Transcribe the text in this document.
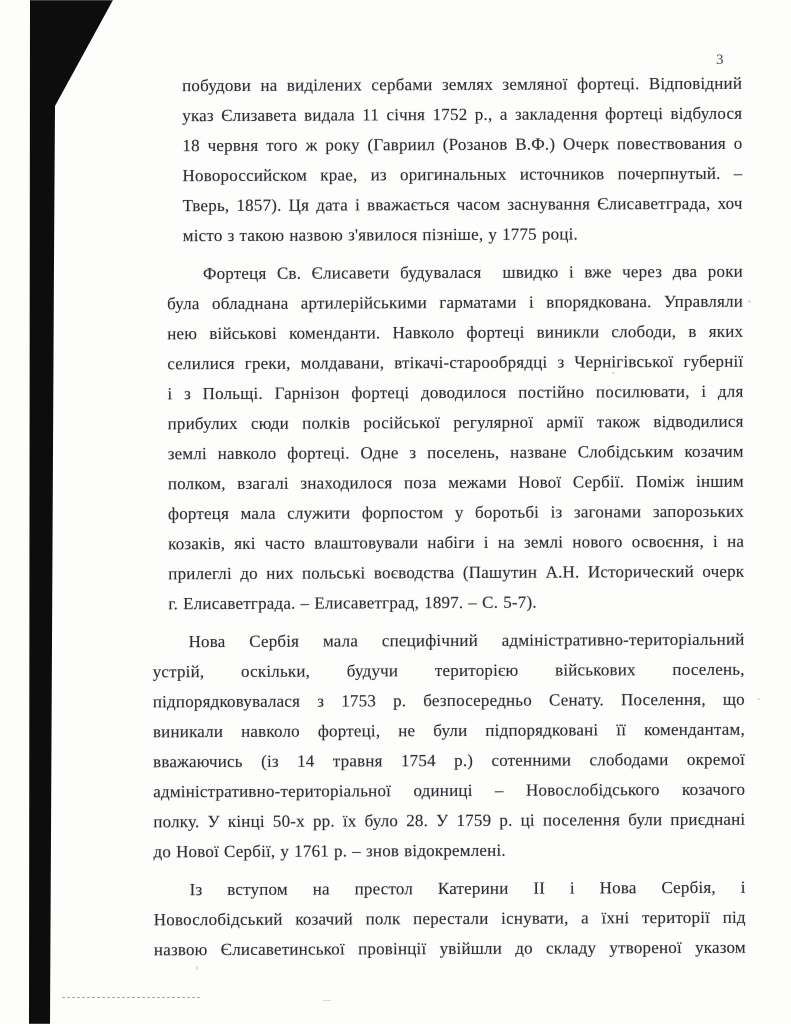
3
побудови на виділених сербами землях земляної фортеці. Відповідний
указ Єлизавета видала 11 січня 1752 р., а закладення фортеці відбулося
18 червня того ж року (Гавриил (Розанов В.Ф.) Очерк повествования о
Новороссийском крае, из оригинальных источников почерпнутый. –
Тверь, 1857). Ця дата і вважається часом заснування Єлисаветграда, хоч
місто з такою назвою з'явилося пізніше, у 1775 році.
Фортеця Св. Єлисавети будувалася  швидко і вже через два роки
була обладнана артилерійськими гарматами і впорядкована. Управляли
нею військові коменданти. Навколо фортеці виникли слободи, в яких
селилися греки, молдавани, втікачі-старообрядці з Чернігівської губернії
і з Польщі. Гарнізон фортеці доводилося постійно посилювати, і для
прибулих сюди полків російської регулярної армії також відводилися
землі навколо фортеці. Одне з поселень, назване Слобідським козачим
полком, взагалі знаходилося поза межами Нової Сербії. Поміж іншим
фортеця мала служити форпостом у боротьбі із загонами запорозьких
козаків, які часто влаштовували набіги і на землі нового освоєння, і на
прилеглі до них польські воєводства (Пашутин А.Н. Исторический очерк
г. Елисаветграда. – Елисаветград, 1897. – С. 5-7).
Нова Сербія мала специфічний адміністративно-територіальний
устрій, оскільки, будучи територією військових поселень,
підпорядковувалася з 1753 р. безпосередньо Сенату. Поселення, що
виникали навколо фортеці, не були підпорядковані її комендантам,
вважаючись (із 14 травня 1754 р.) сотенними слободами окремої
адміністративно-територіальної одиниці – Новослобідського козачого
полку. У кінці 50-х рр. їх було 28. У 1759 р. ці поселення були приєднані
до Нової Сербії, у 1761 р. – знов відокремлені.
Із вступом на престол Катерини II і Нова Сербія, і
Новослобідський козачий полк перестали існувати, а їхні території під
назвою Єлисаветинської провінції увійшли до складу утвореної указом
